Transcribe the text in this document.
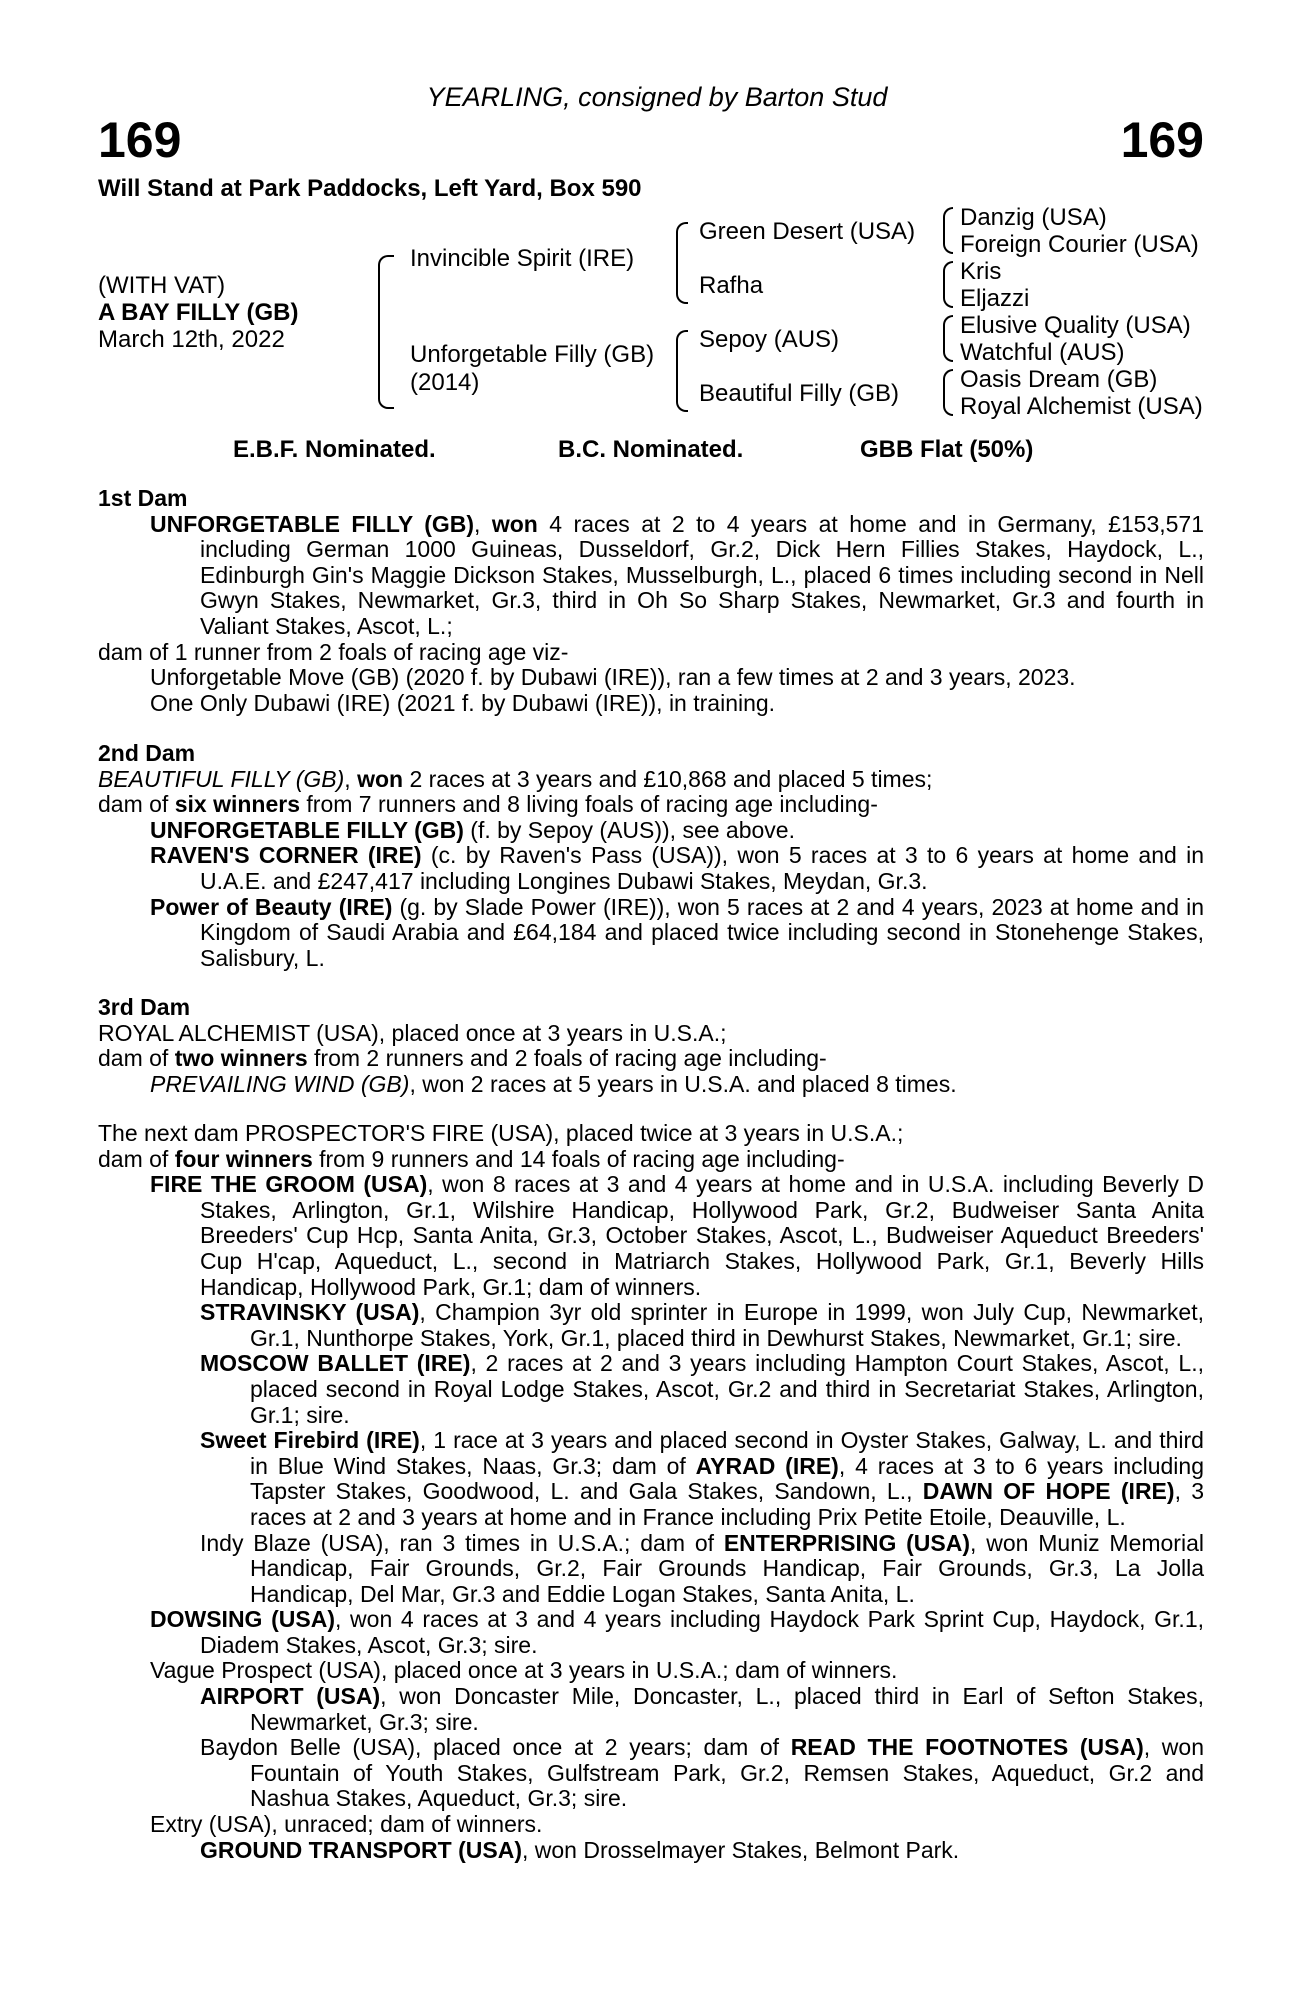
YEARLING, consigned by Barton Stud
169	169
Will Stand at Park Paddocks, Left Yard, Box 590
(WITH VAT)
A BAY FILLY (GB)
March 12th, 2022
Invincible Spirit (IRE)
Unforgetable Filly (GB)
(2014)
Green Desert (USA)
Rafha
Sepoy (AUS)
Beautiful Filly (GB)
Danzig (USA)
Foreign Courier (USA)
Kris
Eljazzi
Elusive Quality (USA)
Watchful (AUS)
Oasis Dream (GB)
Royal Alchemist (USA)
E.B.F. Nominated.	B.C. Nominated.	GBB Flat (50%)
1st Dam

UNFORGETABLE FILLY (GB), won 4 races at 2 to 4 years at home and in Germany, £153,571 including German 1000 Guineas, Dusseldorf, Gr.2, Dick Hern Fillies Stakes, Haydock, L., Edinburgh Gin's Maggie Dickson Stakes, Musselburgh, L., placed 6 times including second in Nell Gwyn Stakes, Newmarket, Gr.3, third in Oh So Sharp Stakes, Newmarket, Gr.3 and fourth in Valiant Stakes, Ascot, L.;

dam of 1 runner from 2 foals of racing age viz-

Unforgetable Move (GB) (2020 f. by Dubawi (IRE)), ran a few times at 2 and 3 years, 2023.

One Only Dubawi (IRE) (2021 f. by Dubawi (IRE)), in training.

2nd Dam

BEAUTIFUL FILLY (GB), won 2 races at 3 years and £10,868 and placed 5 times;

dam of six winners from 7 runners and 8 living foals of racing age including-

UNFORGETABLE FILLY (GB) (f. by Sepoy (AUS)), see above.

RAVEN'S CORNER (IRE) (c. by Raven's Pass (USA)), won 5 races at 3 to 6 years at home and in U.A.E. and £247,417 including Longines Dubawi Stakes, Meydan, Gr.3.

Power of Beauty (IRE) (g. by Slade Power (IRE)), won 5 races at 2 and 4 years, 2023 at home and in Kingdom of Saudi Arabia and £64,184 and placed twice including second in Stonehenge Stakes, Salisbury, L.

3rd Dam

ROYAL ALCHEMIST (USA), placed once at 3 years in U.S.A.;

dam of two winners from 2 runners and 2 foals of racing age including-

PREVAILING WIND (GB), won 2 races at 5 years in U.S.A. and placed 8 times.

The next dam PROSPECTOR'S FIRE (USA), placed twice at 3 years in U.S.A.;

dam of four winners from 9 runners and 14 foals of racing age including-

FIRE THE GROOM (USA), won 8 races at 3 and 4 years at home and in U.S.A. including Beverly D Stakes, Arlington, Gr.1, Wilshire Handicap, Hollywood Park, Gr.2, Budweiser Santa Anita Breeders' Cup Hcp, Santa Anita, Gr.3, October Stakes, Ascot, L., Budweiser Aqueduct Breeders' Cup H'cap, Aqueduct, L., second in Matriarch Stakes, Hollywood Park, Gr.1, Beverly Hills Handicap, Hollywood Park, Gr.1; dam of winners.

STRAVINSKY (USA), Champion 3yr old sprinter in Europe in 1999, won July Cup, Newmarket, Gr.1, Nunthorpe Stakes, York, Gr.1, placed third in Dewhurst Stakes, Newmarket, Gr.1; sire.

MOSCOW BALLET (IRE), 2 races at 2 and 3 years including Hampton Court Stakes, Ascot, L., placed second in Royal Lodge Stakes, Ascot, Gr.2 and third in Secretariat Stakes, Arlington, Gr.1; sire.

Sweet Firebird (IRE), 1 race at 3 years and placed second in Oyster Stakes, Galway, L. and third in Blue Wind Stakes, Naas, Gr.3; dam of AYRAD (IRE), 4 races at 3 to 6 years including Tapster Stakes, Goodwood, L. and Gala Stakes, Sandown, L., DAWN OF HOPE (IRE), 3 races at 2 and 3 years at home and in France including Prix Petite Etoile, Deauville, L.

Indy Blaze (USA), ran 3 times in U.S.A.; dam of ENTERPRISING (USA), won Muniz Memorial Handicap, Fair Grounds, Gr.2, Fair Grounds Handicap, Fair Grounds, Gr.3, La Jolla Handicap, Del Mar, Gr.3 and Eddie Logan Stakes, Santa Anita, L.

DOWSING (USA), won 4 races at 3 and 4 years including Haydock Park Sprint Cup, Haydock, Gr.1, Diadem Stakes, Ascot, Gr.3; sire.

Vague Prospect (USA), placed once at 3 years in U.S.A.; dam of winners.

AIRPORT (USA), won Doncaster Mile, Doncaster, L., placed third in Earl of Sefton Stakes, Newmarket, Gr.3; sire.

Baydon Belle (USA), placed once at 2 years; dam of READ THE FOOTNOTES (USA), won Fountain of Youth Stakes, Gulfstream Park, Gr.2, Remsen Stakes, Aqueduct, Gr.2 and Nashua Stakes, Aqueduct, Gr.3; sire.

Extry (USA), unraced; dam of winners.

GROUND TRANSPORT (USA), won Drosselmayer Stakes, Belmont Park.
